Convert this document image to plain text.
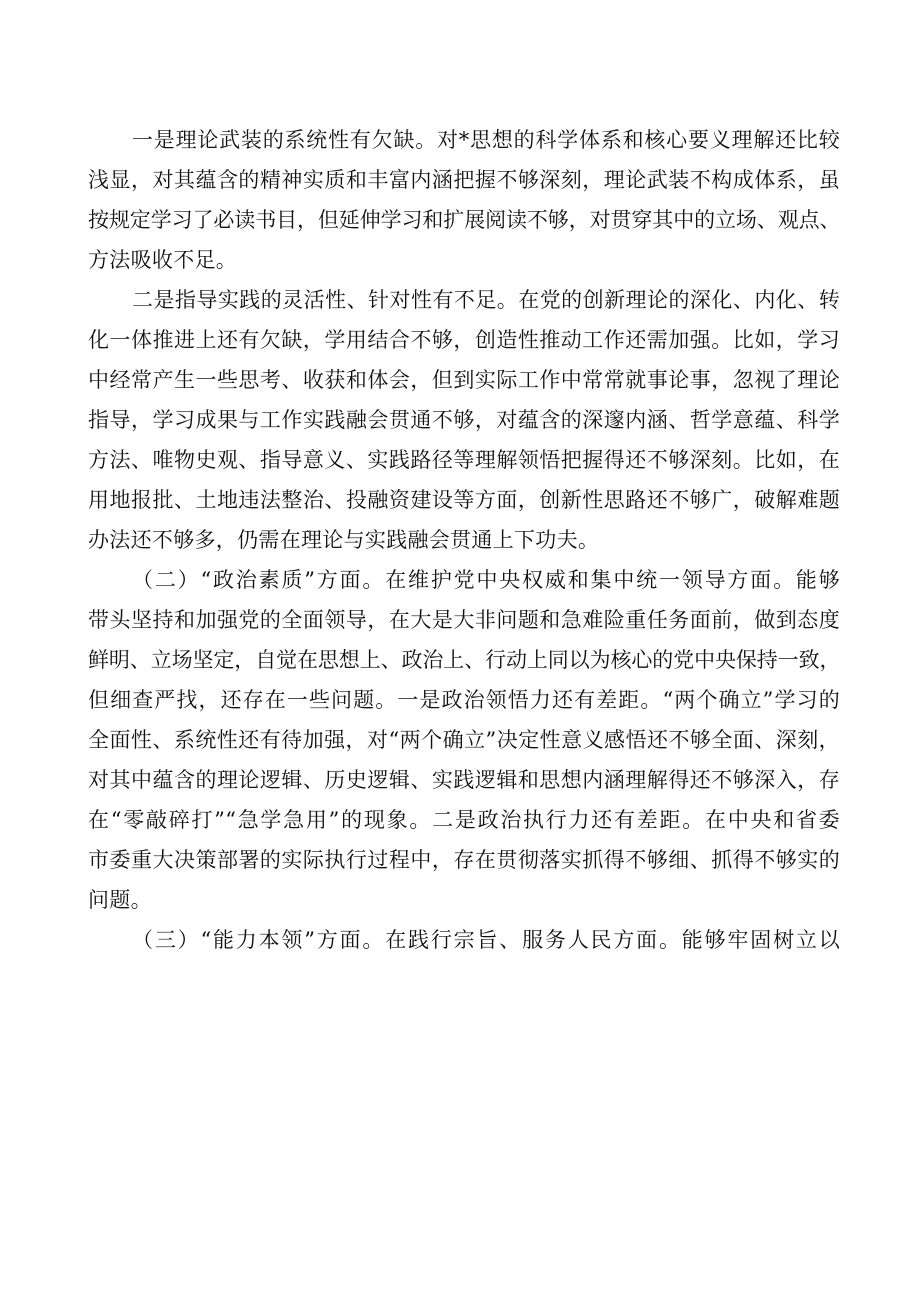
一是理论武装的系统性有欠缺。对*思想的科学体系和核心要义理解还比较
浅显，对其蕴含的精神实质和丰富内涵把握不够深刻，理论武装不构成体系，虽
按规定学习了必读书目，但延伸学习和扩展阅读不够，对贯穿其中的立场、观点、
方法吸收不足。
二是指导实践的灵活性、针对性有不足。在党的创新理论的深化、内化、转
化一体推进上还有欠缺，学用结合不够，创造性推动工作还需加强。比如，学习
中经常产生一些思考、收获和体会，但到实际工作中常常就事论事，忽视了理论
指导，学习成果与工作实践融会贯通不够，对蕴含的深邃内涵、哲学意蕴、科学
方法、唯物史观、指导意义、实践路径等理解领悟把握得还不够深刻。比如，在
用地报批、土地违法整治、投融资建设等方面，创新性思路还不够广，破解难题
办法还不够多，仍需在理论与实践融会贯通上下功夫。
（二）“政治素质”方面。在维护党中央权威和集中统一领导方面。能够
带头坚持和加强党的全面领导，在大是大非问题和急难险重任务面前，做到态度
鲜明、立场坚定，自觉在思想上、政治上、行动上同以为核心的党中央保持一致，
但细查严找，还存在一些问题。一是政治领悟力还有差距。“两个确立”学习的
全面性、系统性还有待加强，对“两个确立”决定性意义感悟还不够全面、深刻，
对其中蕴含的理论逻辑、历史逻辑、实践逻辑和思想内涵理解得还不够深入，存
在“零敲碎打”“急学急用”的现象。二是政治执行力还有差距。在中央和省委
市委重大决策部署的实际执行过程中，存在贯彻落实抓得不够细、抓得不够实的
问题。
（三）“能力本领”方面。在践行宗旨、服务人民方面。能够牢固树立以
